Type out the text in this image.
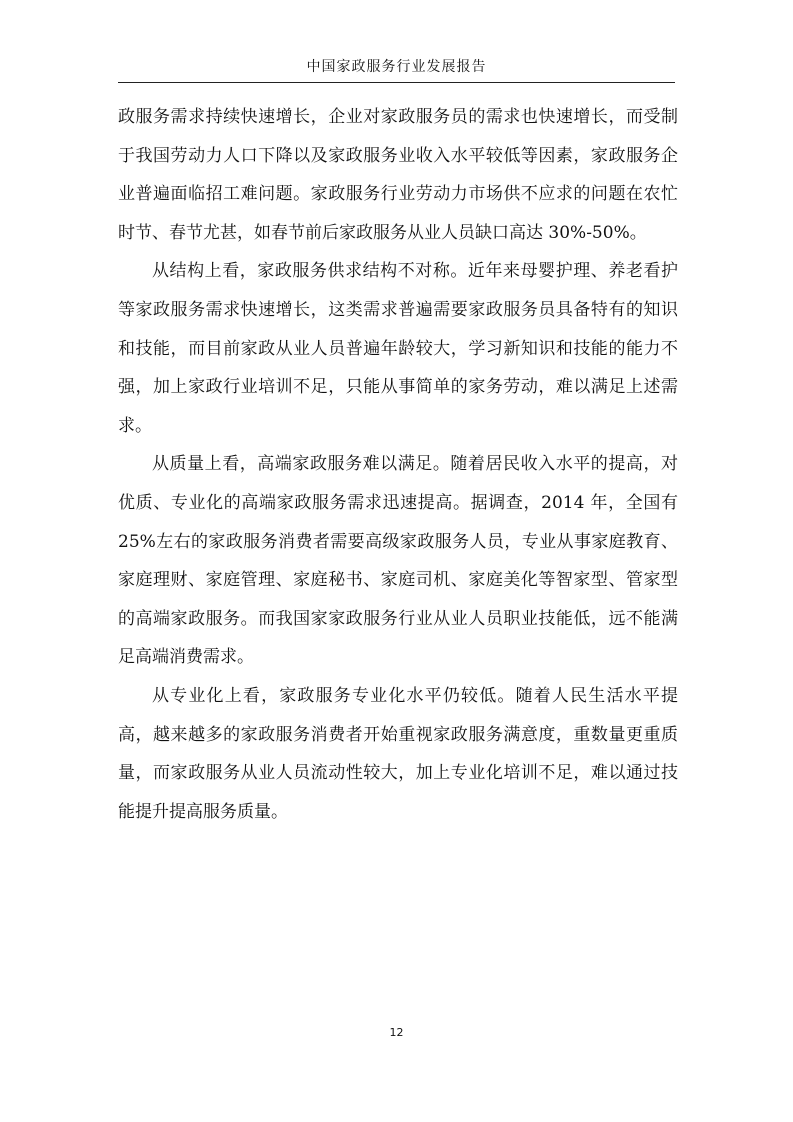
中国家政服务行业发展报告

政服务需求持续快速增长，企业对家政服务员的需求也快速增长，而受制于我国劳动力人口下降以及家政服务业收入水平较低等因素，家政服务企业普遍面临招工难问题。家政服务行业劳动力市场供不应求的问题在农忙时节、春节尤甚，如春节前后家政服务从业人员缺口高达 30%-50%。

从结构上看，家政服务供求结构不对称。近年来母婴护理、养老看护等家政服务需求快速增长，这类需求普遍需要家政服务员具备特有的知识和技能，而目前家政从业人员普遍年龄较大，学习新知识和技能的能力不强，加上家政行业培训不足，只能从事简单的家务劳动，难以满足上述需求。

从质量上看，高端家政服务难以满足。随着居民收入水平的提高，对优质、专业化的高端家政服务需求迅速提高。据调查，2014 年，全国有 25%左右的家政服务消费者需要高级家政服务人员，专业从事家庭教育、家庭理财、家庭管理、家庭秘书、家庭司机、家庭美化等智家型、管家型的高端家政服务。而我国家家政服务行业从业人员职业技能低，远不能满足高端消费需求。

从专业化上看，家政服务专业化水平仍较低。随着人民生活水平提高，越来越多的家政服务消费者开始重视家政服务满意度，重数量更重质量，而家政服务从业人员流动性较大，加上专业化培训不足，难以通过技能提升提高服务质量。

12
